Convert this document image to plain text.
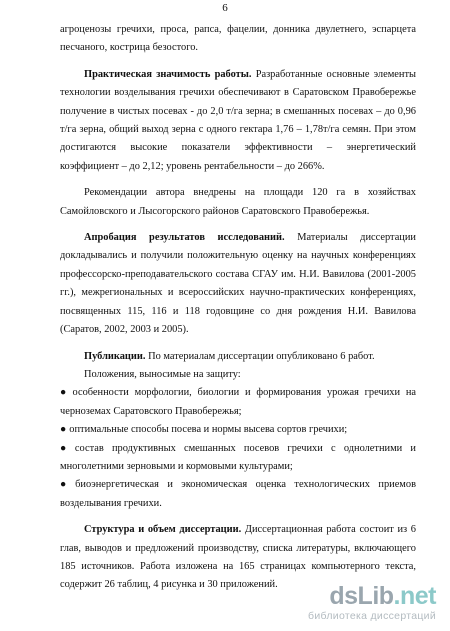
6

агроценозы гречихи, проса, рапса, фацелии, донника двулетнего, эспарцета песчаного, кострица безостого.

Практическая значимость работы. Разработанные основные элементы технологии возделывания гречихи обеспечивают в Саратовском Правобережье получение в чистых посевах - до 2,0 т/га зерна; в смешанных посевах – до 0,96 т/га зерна, общий выход зерна с одного гектара 1,76 – 1,78т/га семян. При этом достигаются высокие показатели эффективности – энергетический коэффициент – до 2,12; уровень рентабельности – до 266%.

Рекомендации автора внедрены на площади 120 га в хозяйствах Самойловского и Лысогорского районов Саратовского Правобережья.

Апробация результатов исследований. Материалы диссертации докладывались и получили положительную оценку на научных конференциях профессорско-преподавательского состава СГАУ им. Н.И. Вавилова (2001-2005 гг.), межрегиональных и всероссийских научно-практических конференциях, посвященных 115, 116 и 118 годовщине со дня рождения Н.И. Вавилова (Саратов, 2002, 2003 и 2005).

Публикации. По материалам диссертации опубликовано 6 работ.

Положения, выносимые на защиту:

● особенности морфологии, биологии и формирования урожая гречихи на черноземах Саратовского Правобережья;

● оптимальные способы посева и нормы высева сортов гречихи;

● состав продуктивных смешанных посевов гречихи с однолетними и многолетними зерновыми и кормовыми культурами;

● биоэнергетическая и экономическая оценка технологических приемов возделывания гречихи.

Структура и объем диссертации. Диссертационная работа состоит из 6 глав, выводов и предложений производству, списка литературы, включающего 185 источников. Работа изложена на 165 страницах компьютерного текста, содержит 26 таблиц, 4 рисунка и 30 приложений.	dsLib.net
библиотека диссертаций
